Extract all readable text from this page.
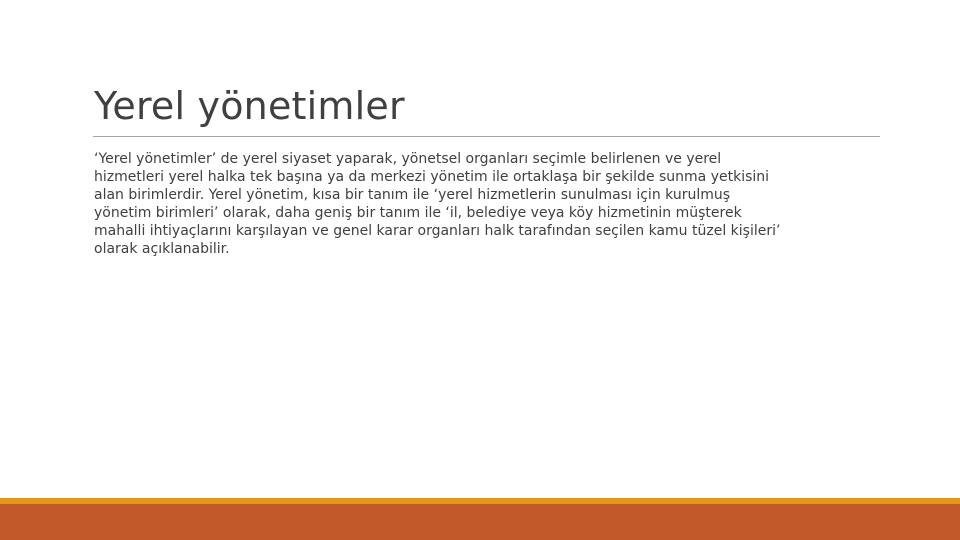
Yerel yönetimler

‘Yerel yönetimler’ de yerel siyaset yaparak, yönetsel organları seçimle belirlenen ve yerel
hizmetleri yerel halka tek başına ya da merkezi yönetim ile ortaklaşa bir şekilde sunma yetkisini
alan birimlerdir. Yerel yönetim, kısa bir tanım ile ‘yerel hizmetlerin sunulması için kurulmuş
yönetim birimleri’ olarak, daha geniş bir tanım ile ‘il, belediye veya köy hizmetinin müşterek
mahalli ihtiyaçlarını karşılayan ve genel karar organları halk tarafından seçilen kamu tüzel kişileri’
olarak açıklanabilir.
